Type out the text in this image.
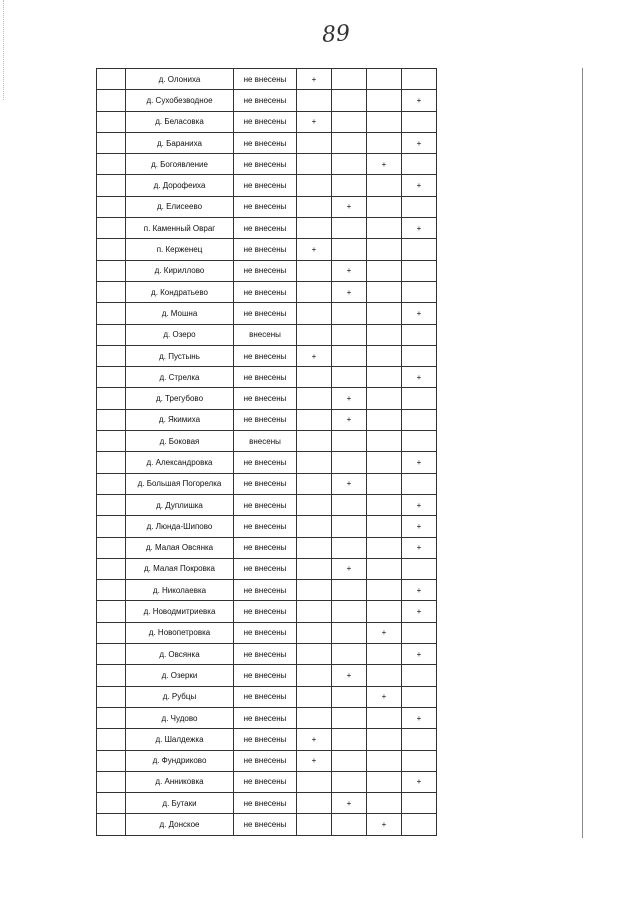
89
	д. Олониха	не внесены	+			
	д. Сухобезводное	не внесены				+
	д. Беласовка	не внесены	+			
	д. Бараниха	не внесены				+
	д. Богоявление	не внесены			+	
	д. Дорофеиха	не внесены				+
	д. Елисеево	не внесены		+		
	п. Каменный Овраг	не внесены				+
	п. Керженец	не внесены	+			
	д. Кириллово	не внесены		+		
	д. Кондратьево	не внесены		+		
	д. Мошна	не внесены				+
	д. Озеро	внесены				
	д. Пустынь	не внесены	+			
	д. Стрелка	не внесены				+
	д. Трегубово	не внесены		+		
	д. Якимиха	не внесены		+		
	д. Боковая	внесены				
	д. Александровка	не внесены				+
	д. Большая Погорелка	не внесены		+		
	д. Дуплишка	не внесены				+
	д. Люнда-Шипово	не внесены				+
	д. Малая Овсянка	не внесены				+
	д. Малая Покровка	не внесены		+		
	д. Николаевка	не внесены				+
	д. Новодмитриевка	не внесены				+
	д. Новопетровка	не внесены			+	
	д. Овсянка	не внесены				+
	д. Озерки	не внесены		+		
	д. Рубцы	не внесены			+	
	д. Чудово	не внесены				+
	д. Шалдежка	не внесены	+			
	д. Фундриково	не внесены	+			
	д. Анниковка	не внесены				+
	д. Бутаки	не внесены		+		
	д. Донское	не внесены			+	
